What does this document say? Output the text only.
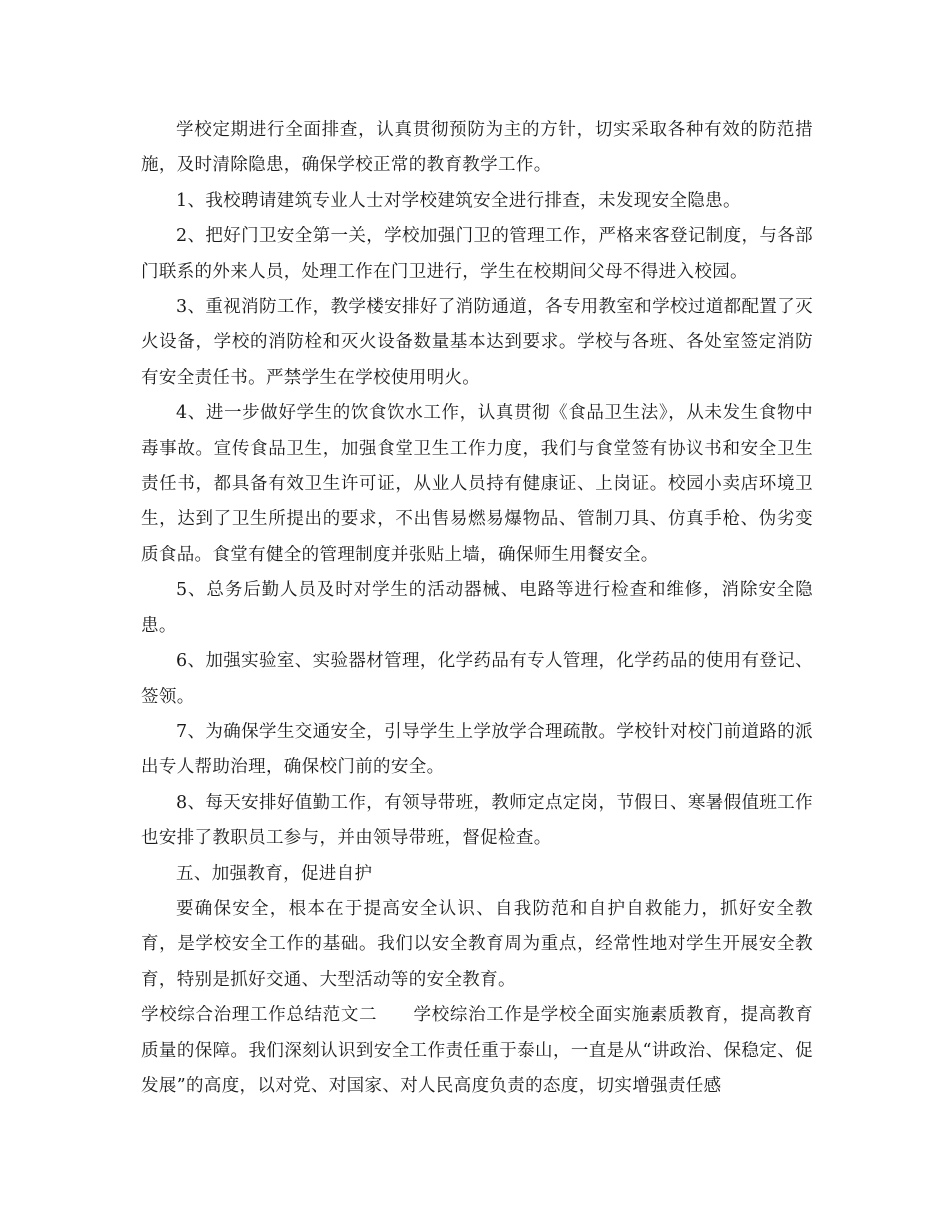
学校定期进行全面排查，认真贯彻预防为主的方针，切实采取各种有效的防范措施，及时清除隐患，确保学校正常的教育教学工作。

1、我校聘请建筑专业人士对学校建筑安全进行排查，未发现安全隐患。

2、把好门卫安全第一关，学校加强门卫的管理工作，严格来客登记制度，与各部门联系的外来人员，处理工作在门卫进行，学生在校期间父母不得进入校园。

3、重视消防工作，教学楼安排好了消防通道，各专用教室和学校过道都配置了灭火设备，学校的消防栓和灭火设备数量基本达到要求。学校与各班、各处室签定消防有安全责任书。严禁学生在学校使用明火。

4、进一步做好学生的饮食饮水工作，认真贯彻《食品卫生法》，从未发生食物中毒事故。宣传食品卫生，加强食堂卫生工作力度，我们与食堂签有协议书和安全卫生责任书，都具备有效卫生许可证，从业人员持有健康证、上岗证。校园小卖店环境卫生，达到了卫生所提出的要求，不出售易燃易爆物品、管制刀具、仿真手枪、伪劣变质食品。食堂有健全的管理制度并张贴上墙，确保师生用餐安全。

5、总务后勤人员及时对学生的活动器械、电路等进行检查和维修，消除安全隐患。

6、加强实验室、实验器材管理，化学药品有专人管理，化学药品的使用有登记、签领。

7、为确保学生交通安全，引导学生上学放学合理疏散。学校针对校门前道路的派出专人帮助治理，确保校门前的安全。

8、每天安排好值勤工作，有领导带班，教师定点定岗，节假日、寒暑假值班工作也安排了教职员工参与，并由领导带班，督促检查。

五、加强教育，促进自护

要确保安全，根本在于提高安全认识、自我防范和自护自救能力，抓好安全教育，是学校安全工作的基础。我们以安全教育周为重点，经常性地对学生开展安全教育，特别是抓好交通、大型活动等的安全教育。

学校综合治理工作总结范文二 学校综治工作是学校全面实施素质教育，提高教育质量的保障。我们深刻认识到安全工作责任重于泰山，一直是从“讲政治、保稳定、促发展”的高度，以对党、对国家、对人民高度负责的态度，切实增强责任感
